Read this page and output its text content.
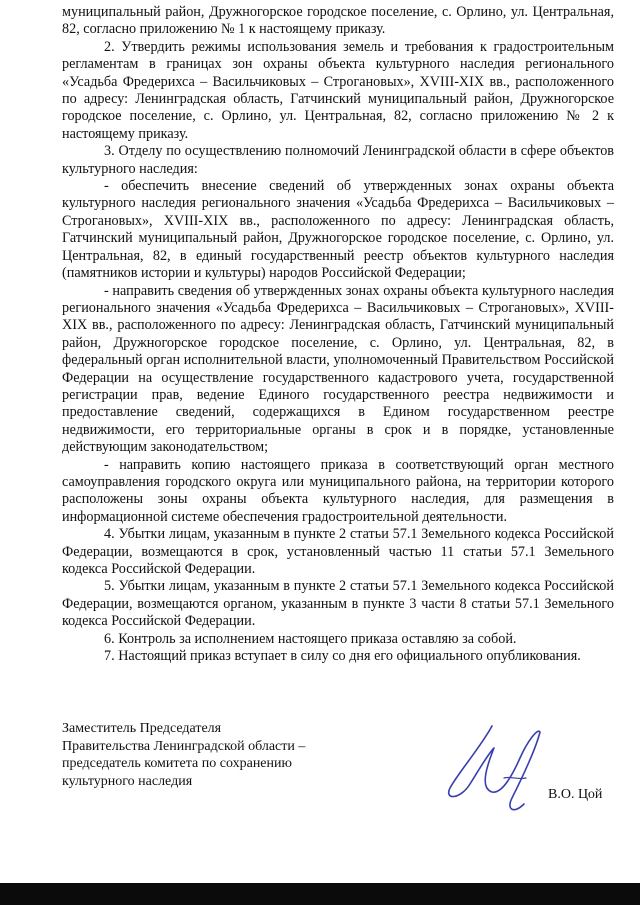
муниципальный район, Дружногорское городское поселение, с. Орлино, ул. Центральная, 82, согласно приложению № 1 к настоящему приказу.

2. Утвердить режимы использования земель и требования к градостроительным регламентам в границах зон охраны объекта культурного наследия регионального «Усадьба Фредерихса – Васильчиковых – Строгановых», XVIII-XIX вв., расположенного по адресу: Ленинградская область, Гатчинский муниципальный район, Дружногорское городское поселение, с. Орлино, ул. Центральная, 82, согласно приложению № 2 к настоящему приказу.

3. Отделу по осуществлению полномочий Ленинградской области в сфере объектов культурного наследия:

- обеспечить внесение сведений об утвержденных зонах охраны объекта культурного наследия регионального значения «Усадьба Фредерихса – Васильчиковых – Строгановых», XVIII-XIX вв., расположенного по адресу: Ленинградская область, Гатчинский муниципальный район, Дружногорское городское поселение, с. Орлино, ул. Центральная, 82, в единый государственный реестр объектов культурного наследия (памятников истории и культуры) народов Российской Федерации;

- направить сведения об утвержденных зонах охраны объекта культурного наследия регионального значения «Усадьба Фредерихса – Васильчиковых – Строгановых», XVIII-XIX вв., расположенного по адресу: Ленинградская область, Гатчинский муниципальный район, Дружногорское городское поселение, с. Орлино, ул. Центральная, 82, в федеральный орган исполнительной власти, уполномоченный Правительством Российской Федерации на осуществление государственного кадастрового учета, государственной регистрации прав, ведение Единого государственного реестра недвижимости и предоставление сведений, содержащихся в Едином государственном реестре недвижимости, его территориальные органы в срок и в порядке, установленные действующим законодательством;

- направить копию настоящего приказа в соответствующий орган местного самоуправления городского округа или муниципального района, на территории которого расположены зоны охраны объекта культурного наследия, для размещения в информационной системе обеспечения градостроительной деятельности.

4. Убытки лицам, указанным в пункте 2 статьи 57.1 Земельного кодекса Российской Федерации, возмещаются в срок, установленный частью 11 статьи 57.1 Земельного кодекса Российской Федерации.

5. Убытки лицам, указанным в пункте 2 статьи 57.1 Земельного кодекса Российской Федерации, возмещаются органом, указанным в пункте 3 части 8 статьи 57.1 Земельного кодекса Российской Федерации.

6. Контроль за исполнением настоящего приказа оставляю за собой.

7. Настоящий приказ вступает в силу со дня его официального опубликования.

Заместитель Председателя
Правительства Ленинградской области –
председатель комитета по сохранению
культурного наследия
В.О. Цой
